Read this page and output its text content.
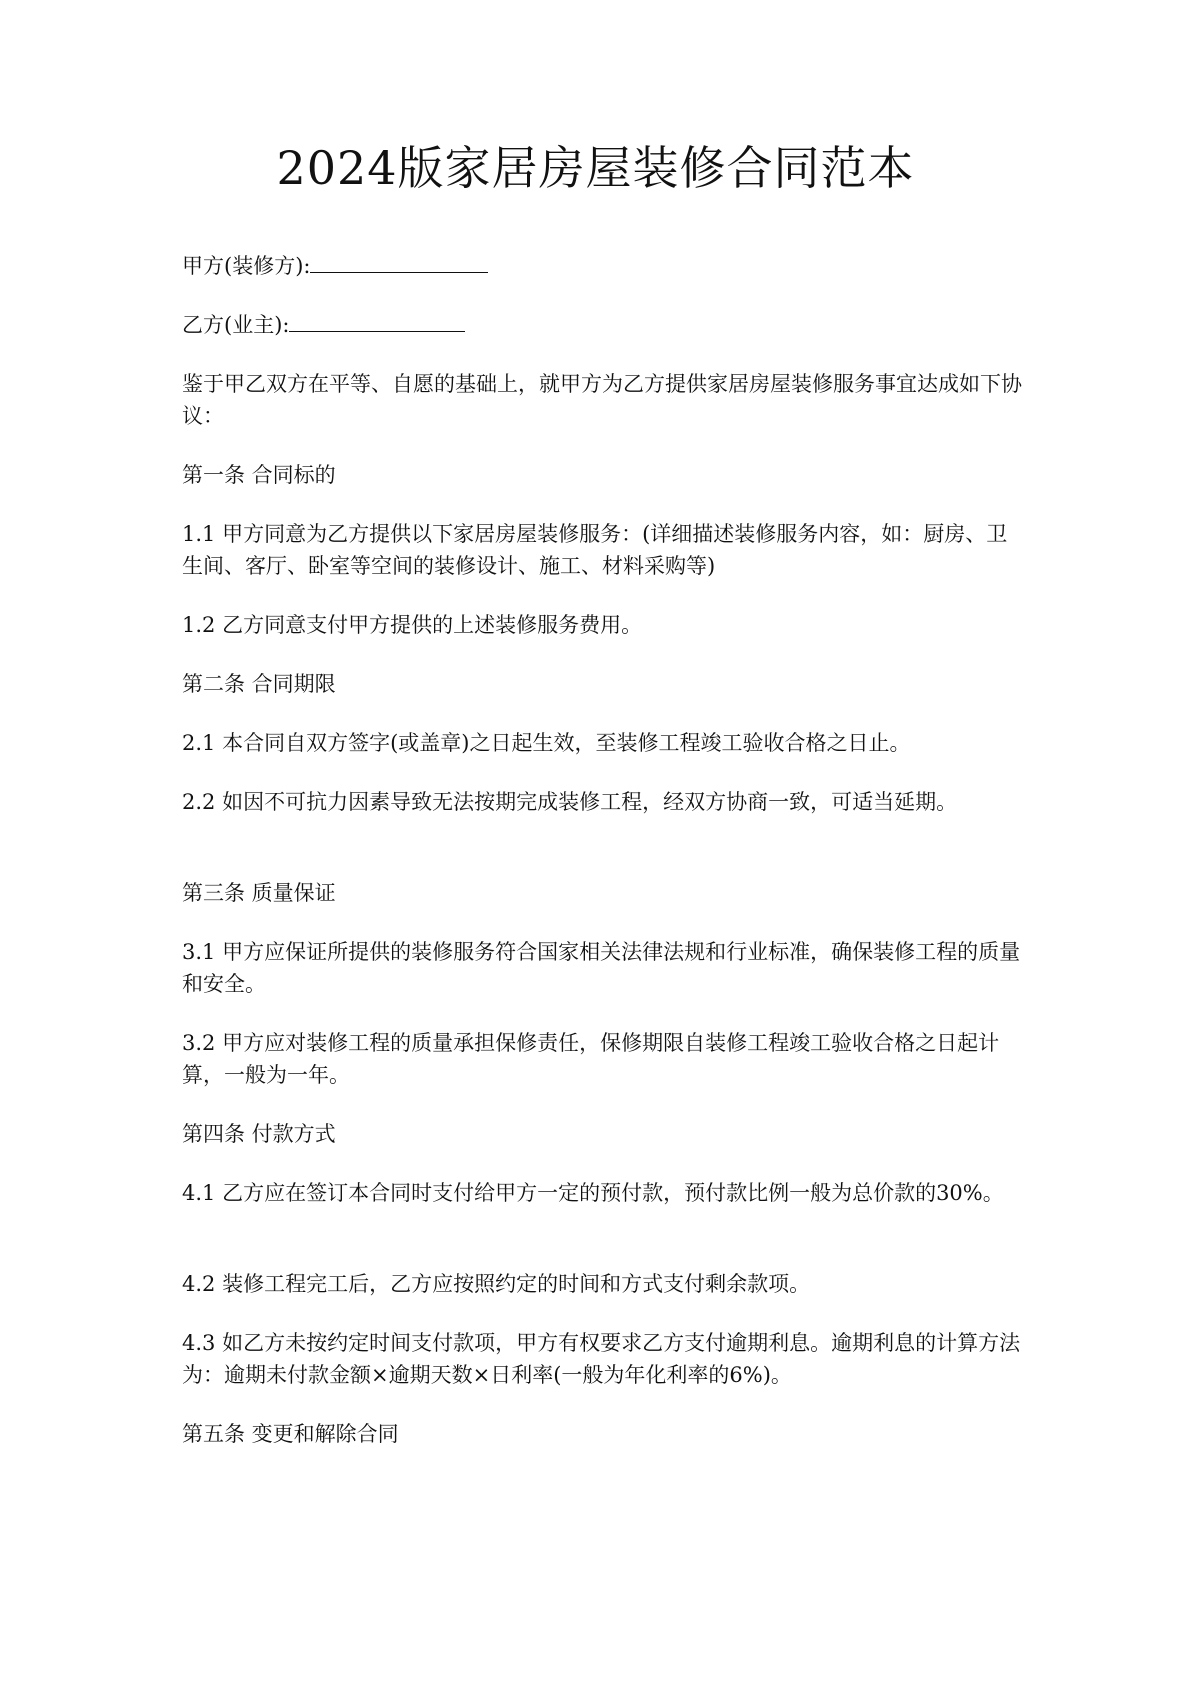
2024版家居房屋装修合同范本

甲方(装修方):

乙方(业主):

鉴于甲乙双方在平等、自愿的基础上，就甲方为乙方提供家居房屋装修服务事宜达成如下协议：

第一条 合同标的

1.1 甲方同意为乙方提供以下家居房屋装修服务：(详细描述装修服务内容，如：厨房、卫生间、客厅、卧室等空间的装修设计、施工、材料采购等)

1.2 乙方同意支付甲方提供的上述装修服务费用。

第二条 合同期限

2.1 本合同自双方签字(或盖章)之日起生效，至装修工程竣工验收合格之日止。

2.2 如因不可抗力因素导致无法按期完成装修工程，经双方协商一致，可适当延期。

第三条 质量保证

3.1 甲方应保证所提供的装修服务符合国家相关法律法规和行业标准，确保装修工程的质量和安全。

3.2 甲方应对装修工程的质量承担保修责任，保修期限自装修工程竣工验收合格之日起计算，一般为一年。

第四条 付款方式

4.1 乙方应在签订本合同时支付给甲方一定的预付款，预付款比例一般为总价款的30%。

4.2 装修工程完工后，乙方应按照约定的时间和方式支付剩余款项。

4.3 如乙方未按约定时间支付款项，甲方有权要求乙方支付逾期利息。逾期利息的计算方法为：逾期未付款金额×逾期天数×日利率(一般为年化利率的6%)。

第五条 变更和解除合同
